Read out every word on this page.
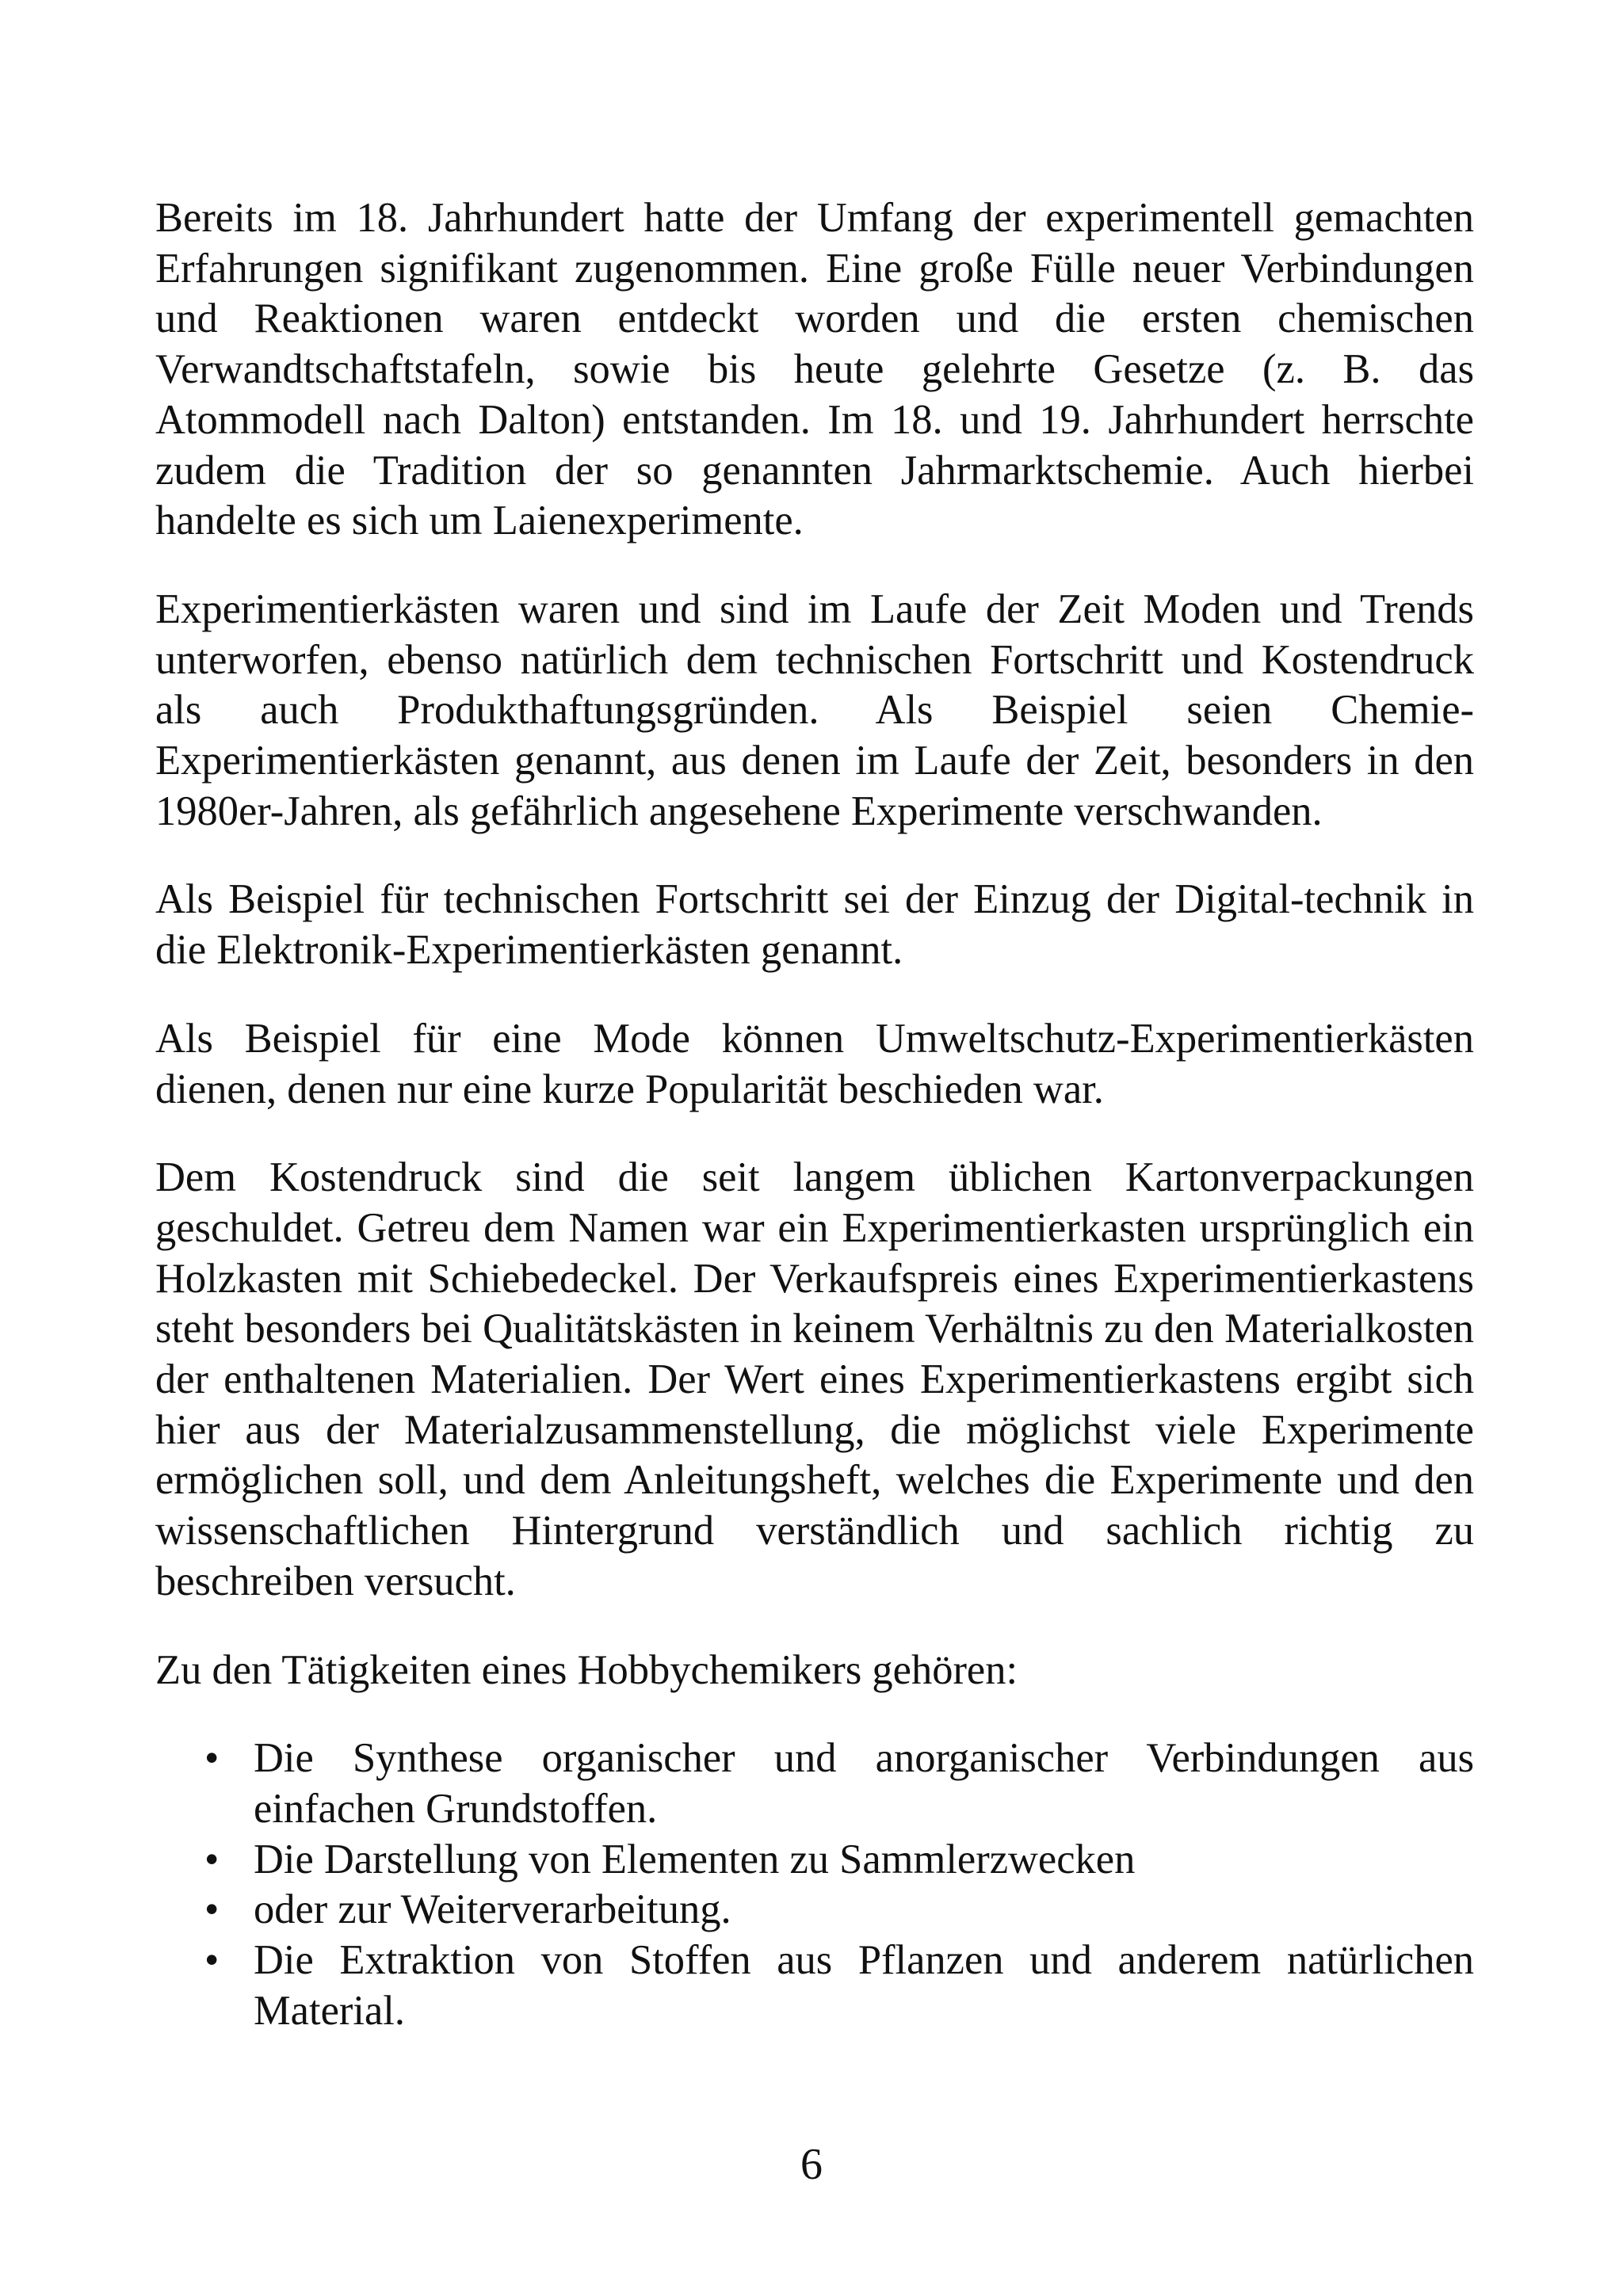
Bereits im 18. Jahrhundert hatte der Umfang der experimentell gemachten Erfahrungen signifikant zugenommen. Eine große Fülle neuer Verbindungen und Reaktionen waren entdeckt worden und die ersten chemischen Verwandtschaftstafeln, sowie bis heute gelehrte Gesetze (z. B. das Atommodell nach Dalton) entstanden. Im 18. und 19. Jahrhundert herrschte zudem die Tradition der so genannten Jahrmarktschemie. Auch hierbei handelte es sich um Laienexperimente.

Experimentierkästen waren und sind im Laufe der Zeit Moden und Trends unterworfen, ebenso natürlich dem technischen Fortschritt und Kostendruck als auch Produkthaftungsgründen. Als Beispiel seien Chemie-Experimentierkästen genannt, aus denen im Laufe der Zeit, besonders in den 1980er-Jahren, als gefährlich angesehene Experimente verschwanden.

Als Beispiel für technischen Fortschritt sei der Einzug der Digital-technik in die Elektronik-Experimentierkästen genannt.

Als Beispiel für eine Mode können Umweltschutz-Experimentierkästen dienen, denen nur eine kurze Popularität beschieden war.

Dem Kostendruck sind die seit langem üblichen Kartonverpackungen geschuldet. Getreu dem Namen war ein Experimentierkasten ursprünglich ein Holzkasten mit Schiebedeckel. Der Verkaufspreis eines Experimentierkastens steht besonders bei Qualitätskästen in keinem Verhältnis zu den Materialkosten der enthaltenen Materialien. Der Wert eines Experimentierkastens ergibt sich hier aus der Materialzusammenstellung, die möglichst viele Experimente ermöglichen soll, und dem Anleitungsheft, welches die Experimente und den wissenschaftlichen Hintergrund verständlich und sachlich richtig zu beschreiben versucht.

Zu den Tätigkeiten eines Hobbychemikers gehören:

• Die Synthese organischer und anorganischer Verbindungen aus einfachen Grundstoffen.
• Die Darstellung von Elementen zu Sammlerzwecken
• oder zur Weiterverarbeitung.
• Die Extraktion von Stoffen aus Pflanzen und anderem natürlichen Material.
6
